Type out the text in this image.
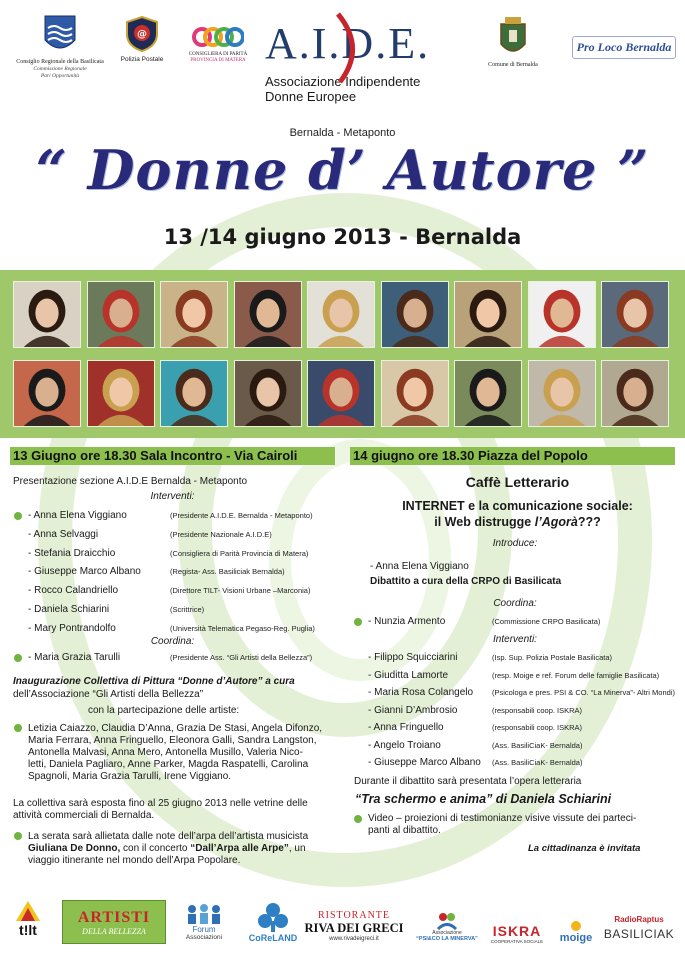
Consiglio Regionale della Basilicata
Commissione Regionale
Pari Opportunità
@
Polizia Postale
CONSIGLIERA DI PARITÀ
PROVINCIA DI MATERA A.I.D.E.
Associazione Indipendente
Donne Europee
Comune di Bernalda
Pro Loco Bernalda
Bernalda - Metaponto
“ Donne d’ Autore ”
13 /14 giugno 2013 - Bernalda
13 Giugno ore 18.30 Sala Incontro - Via Cairoli
Presentazione sezione A.I.D.E Bernalda - Metaponto
Interventi:
- Anna Elena Viggiano	(Presidente A.I.D.E. Bernalda - Metaponto)
- Anna Selvaggi	(Presidente Nazionale A.I.D.E)
- Stefania Draicchio	(Consigliera di Parità Provincia di Matera)
- Giuseppe Marco Albano	(Regista- Ass. Basiliciak Bernalda)
- Rocco Calandriello	(Direttore TILT- Visioni Urbane –Marconia)
- Daniela Schiarini	(Scrittrice)
- Mary Pontrandolfo	(Università Telematica Pegaso-Reg. Puglia)
Coordina:
- Maria Grazia Tarulli	(Presidente Ass. “Gli Artisti della Bellezza”)
Inaugurazione Collettiva di Pittura “Donne d’Autore” a cura
dell’Associazione “Gli Artisti della Bellezza”
con la partecipazione delle artiste:
Letizia Caiazzo, Claudia D’Anna, Grazia De Stasi, Angela Difonzo,
Maria Ferrara, Anna Fringuello, Eleonora Galli, Sandra Langston,
Antonella Malvasi, Anna Mero, Antonella Musillo, Valeria Nico-
letti, Daniela Pagliaro, Anne Parker, Magda Raspatelli, Carolina
Spagnoli, Maria Grazia Tarulli, Irene Viggiano.
La collettiva sarà esposta fino al 25 giugno 2013 nelle vetrine delle
attività commerciali di Bernalda.
La serata sarà allietata dalle note dell’arpa dell’artista musicista
Giuliana De Donno, con il concerto “Dall’Arpa alle Arpe”, un
viaggio itinerante nel mondo dell’Arpa Popolare.
14 giugno ore 18.30 Piazza del Popolo
Caffè Letterario
INTERNET e la comunicazione sociale:
il Web distrugge l’Agorà???
Introduce:
- Anna Elena Viggiano
Dibattito a cura della CRPO di Basilicata
Coordina:
- Nunzia Armento	(Commissione CRPO Basilicata)
Interventi:
- Filippo Squicciarini	(Isp. Sup. Polizia Postale Basilicata)
- Giuditta Lamorte	(resp. Moige e ref. Forum delle famiglie Basilicata)
- Maria Rosa Colangelo	(Psicologa e pres. PSI & CO. “La Minerva”- Altri Mondi)
- Gianni D’Ambrosio	(responsabili coop. ISKRA)
- Anna Fringuello	(responsabili coop. ISKRA)
- Angelo Troiano	(Ass. BasiliCiaK- Bernalda)
- Giuseppe Marco Albano (Ass. BasiliCiaK- Bernalda)
Durante il dibattito sarà presentata l’opera letteraria
“Tra schermo e anima” di Daniela Schiarini
Video – proiezioni di testimonianze visive vissute dei parteci-
panti al dibattito.
La cittadinanza è invitata
t!lt
ARTISTI
DELLA BELLEZZA	Forum
Associazioni	CoReLAND
RISTORANTE
RIVA DEI GRECI
www.rivadeigreci.it
Associazione
“PSI&CO LA MINERVA”
ISKRA
COOPERATIVA SOCIALE moige
RadioRaptus
BASILICIAK
